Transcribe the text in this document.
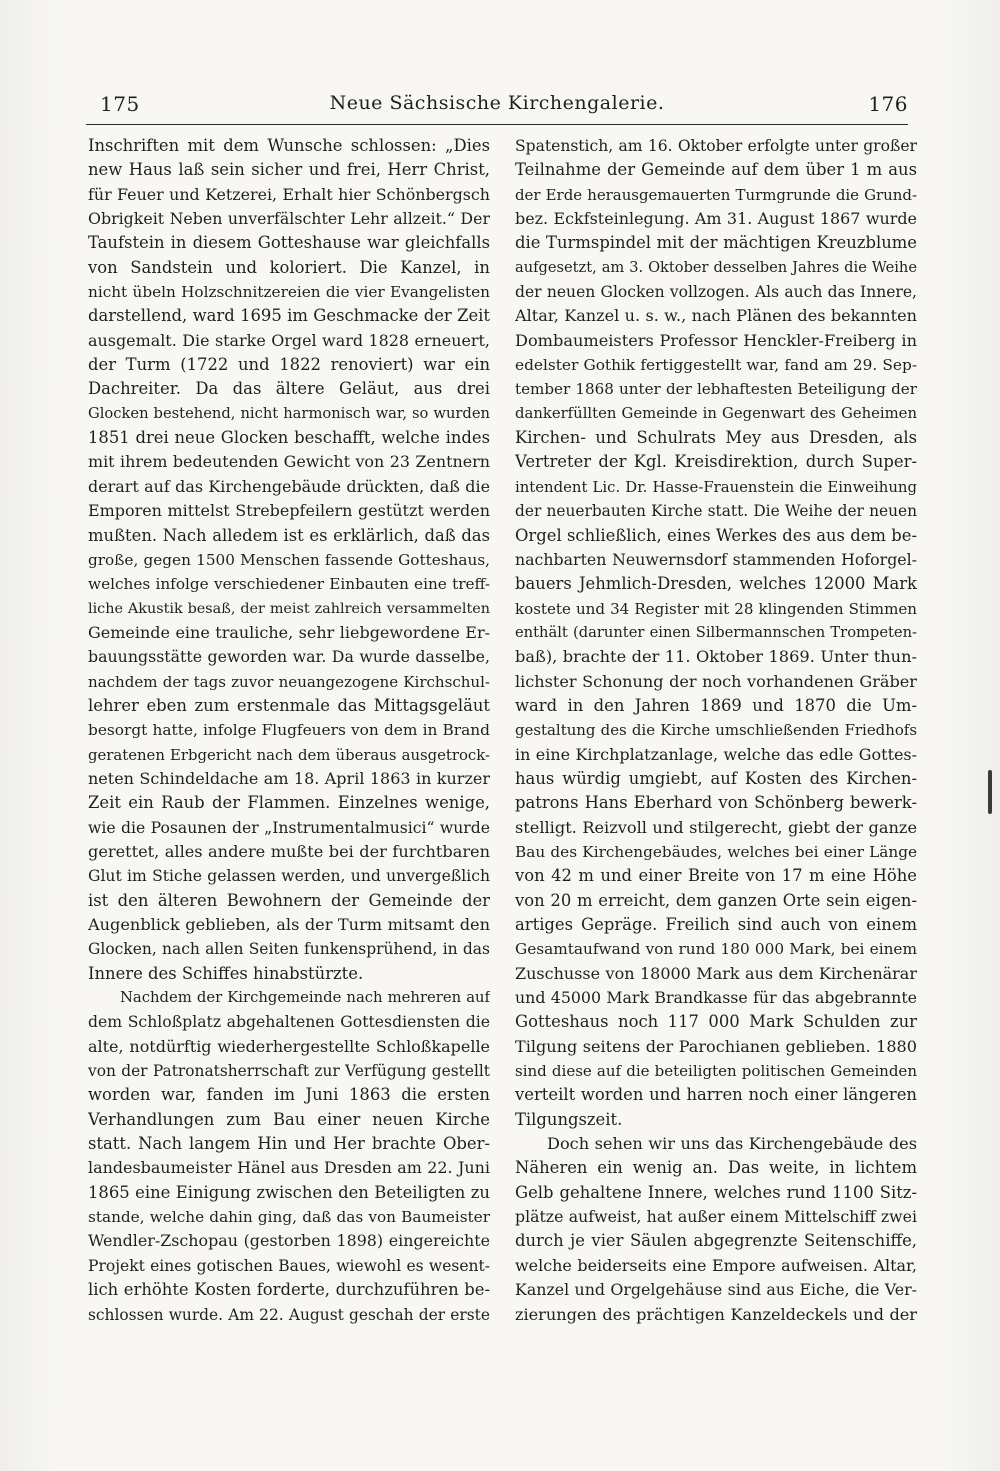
175	Neue Sächsische Kirchengalerie.	176
Inschriften mit dem Wunsche schlossen: „Dies
new Haus laß sein sicher und frei, Herr Christ,
für Feuer und Ketzerei, Erhalt hier Schönbergsch
Obrigkeit Neben unverfälschter Lehr allzeit.“ Der
Taufstein in diesem Gotteshause war gleichfalls
von Sandstein und koloriert. Die Kanzel, in
nicht übeln Holzschnitzereien die vier Evangelisten
darstellend, ward 1695 im Geschmacke der Zeit
ausgemalt. Die starke Orgel ward 1828 erneuert,
der Turm (1722 und 1822 renoviert) war ein
Dachreiter. Da das ältere Geläut, aus drei
Glocken bestehend, nicht harmonisch war, so wurden
1851 drei neue Glocken beschafft, welche indes
mit ihrem bedeutenden Gewicht von 23 Zentnern
derart auf das Kirchengebäude drückten, daß die
Emporen mittelst Strebepfeilern gestützt werden
mußten. Nach alledem ist es erklärlich, daß das
große, gegen 1500 Menschen fassende Gotteshaus,
welches infolge verschiedener Einbauten eine treff-
liche Akustik besaß, der meist zahlreich versammelten
Gemeinde eine trauliche, sehr liebgewordene Er-
bauungsstätte geworden war. Da wurde dasselbe,
nachdem der tags zuvor neuangezogene Kirchschul-
lehrer eben zum erstenmale das Mittagsgeläut
besorgt hatte, infolge Flugfeuers von dem in Brand
geratenen Erbgericht nach dem überaus ausgetrock-
neten Schindeldache am 18. April 1863 in kurzer
Zeit ein Raub der Flammen. Einzelnes wenige,
wie die Posaunen der „Instrumentalmusici“ wurde
gerettet, alles andere mußte bei der furchtbaren
Glut im Stiche gelassen werden, und unvergeßlich
ist den älteren Bewohnern der Gemeinde der
Augenblick geblieben, als der Turm mitsamt den
Glocken, nach allen Seiten funkensprühend, in das
Innere des Schiffes hinabstürzte.
Nachdem der Kirchgemeinde nach mehreren auf
dem Schloßplatz abgehaltenen Gottesdiensten die
alte, notdürftig wiederhergestellte Schloßkapelle
von der Patronatsherrschaft zur Verfügung gestellt
worden war, fanden im Juni 1863 die ersten
Verhandlungen zum Bau einer neuen Kirche
statt. Nach langem Hin und Her brachte Ober-
landesbaumeister Hänel aus Dresden am 22. Juni
1865 eine Einigung zwischen den Beteiligten zu
stande, welche dahin ging, daß das von Baumeister
Wendler-Zschopau (gestorben 1898) eingereichte
Projekt eines gotischen Baues, wiewohl es wesent-
lich erhöhte Kosten forderte, durchzuführen be-
schlossen wurde. Am 22. August geschah der erste
Spatenstich, am 16. Oktober erfolgte unter großer
Teilnahme der Gemeinde auf dem über 1 m aus
der Erde herausgemauerten Turmgrunde die Grund-
bez. Eckfsteinlegung. Am 31. August 1867 wurde
die Turmspindel mit der mächtigen Kreuzblume
aufgesetzt, am 3. Oktober desselben Jahres die Weihe
der neuen Glocken vollzogen. Als auch das Innere,
Altar, Kanzel u. s. w., nach Plänen des bekannten
Dombaumeisters Professor Henckler-Freiberg in
edelster Gothik fertiggestellt war, fand am 29. Sep-
tember 1868 unter der lebhaftesten Beteiligung der
dankerfüllten Gemeinde in Gegenwart des Geheimen
Kirchen- und Schulrats Mey aus Dresden, als
Vertreter der Kgl. Kreisdirektion, durch Super-
intendent Lic. Dr. Hasse-Frauenstein die Einweihung
der neuerbauten Kirche statt. Die Weihe der neuen
Orgel schließlich, eines Werkes des aus dem be-
nachbarten Neuwernsdorf stammenden Hoforgel-
bauers Jehmlich-Dresden, welches 12000 Mark
kostete und 34 Register mit 28 klingenden Stimmen
enthält (darunter einen Silbermannschen Trompeten-
baß), brachte der 11. Oktober 1869. Unter thun-
lichster Schonung der noch vorhandenen Gräber
ward in den Jahren 1869 und 1870 die Um-
gestaltung des die Kirche umschließenden Friedhofs
in eine Kirchplatzanlage, welche das edle Gottes-
haus würdig umgiebt, auf Kosten des Kirchen-
patrons Hans Eberhard von Schönberg bewerk-
stelligt. Reizvoll und stilgerecht, giebt der ganze
Bau des Kirchengebäudes, welches bei einer Länge
von 42 m und einer Breite von 17 m eine Höhe
von 20 m erreicht, dem ganzen Orte sein eigen-
artiges Gepräge. Freilich sind auch von einem
Gesamtaufwand von rund 180 000 Mark, bei einem
Zuschusse von 18000 Mark aus dem Kirchenärar
und 45000 Mark Brandkasse für das abgebrannte
Gotteshaus noch 117 000 Mark Schulden zur
Tilgung seitens der Parochianen geblieben. 1880
sind diese auf die beteiligten politischen Gemeinden
verteilt worden und harren noch einer längeren
Tilgungszeit.
Doch sehen wir uns das Kirchengebäude des
Näheren ein wenig an. Das weite, in lichtem
Gelb gehaltene Innere, welches rund 1100 Sitz-
plätze aufweist, hat außer einem Mittelschiff zwei
durch je vier Säulen abgegrenzte Seitenschiffe,
welche beiderseits eine Empore aufweisen. Altar,
Kanzel und Orgelgehäuse sind aus Eiche, die Ver-
zierungen des prächtigen Kanzeldeckels und der
